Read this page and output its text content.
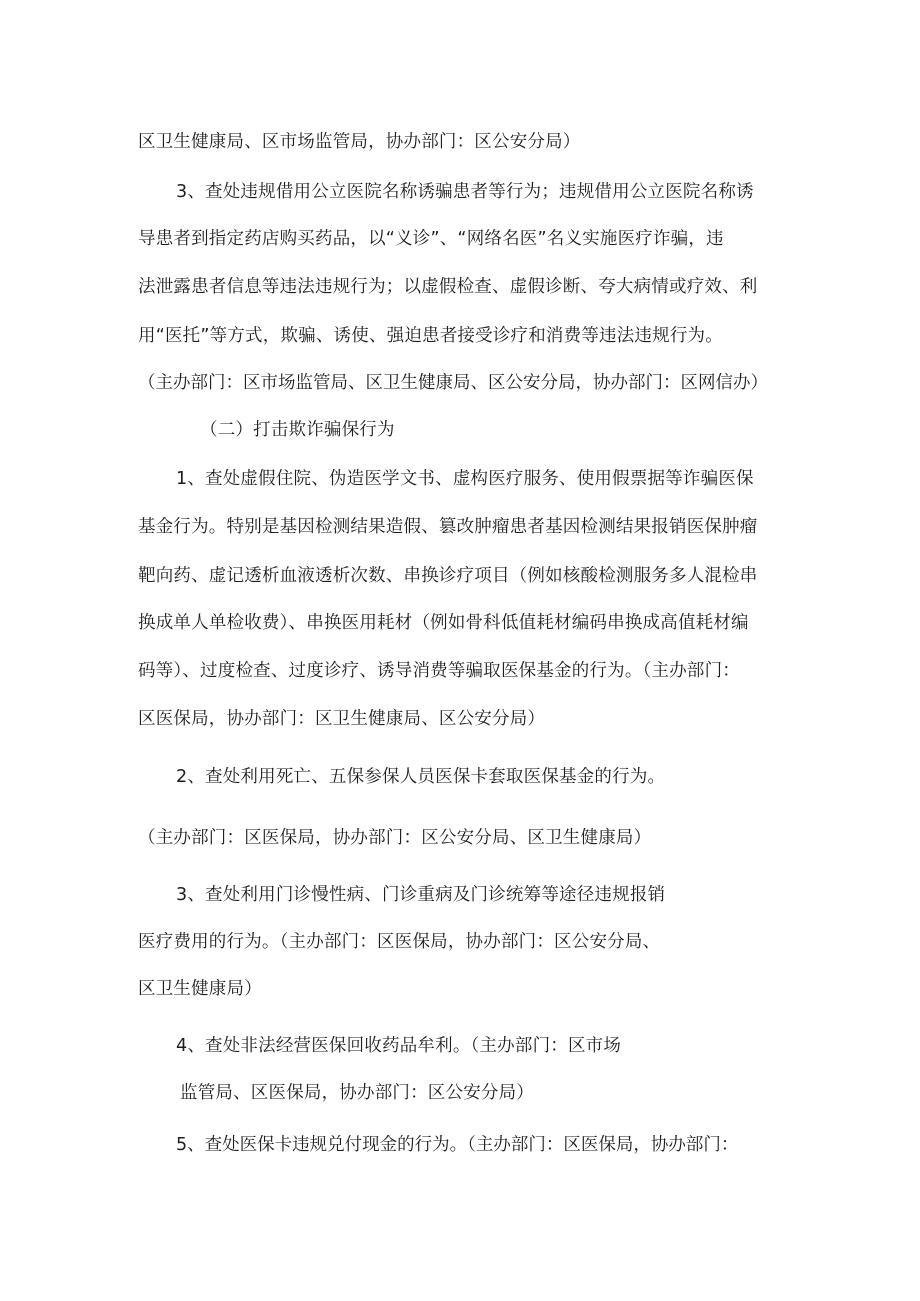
区卫生健康局、区市场监管局，协办部门：区公安分局）
3、查处违规借用公立医院名称诱骗患者等行为；违规借用公立医院名称诱
导患者到指定药店购买药品，以“义诊”、“网络名医”名义实施医疗诈骗，违
法泄露患者信息等违法违规行为；以虚假检查、虚假诊断、夸大病情或疗效、利
用“医托”等方式，欺骗、诱使、强迫患者接受诊疗和消费等违法违规行为。
（主办部门：区市场监管局、区卫生健康局、区公安分局，协办部门：区网信办）
（二）打击欺诈骗保行为
1、查处虚假住院、伪造医学文书、虚构医疗服务、使用假票据等诈骗医保
基金行为。特别是基因检测结果造假、篡改肿瘤患者基因检测结果报销医保肿瘤
靶向药、虚记透析血液透析次数、串换诊疗项目（例如核酸检测服务多人混检串
换成单人单检收费）、串换医用耗材（例如骨科低值耗材编码串换成高值耗材编
码等）、过度检查、过度诊疗、诱导消费等骗取医保基金的行为。（主办部门：
区医保局，协办部门：区卫生健康局、区公安分局）
2、查处利用死亡、五保参保人员医保卡套取医保基金的行为。
（主办部门：区医保局，协办部门：区公安分局、区卫生健康局）
3、查处利用门诊慢性病、门诊重病及门诊统筹等途径违规报销
医疗费用的行为。（主办部门：区医保局，协办部门：区公安分局、
区卫生健康局）
4、查处非法经营医保回收药品牟利。（主办部门：区市场
监管局、区医保局，协办部门：区公安分局）
5、查处医保卡违规兑付现金的行为。（主办部门：区医保局，协办部门：
